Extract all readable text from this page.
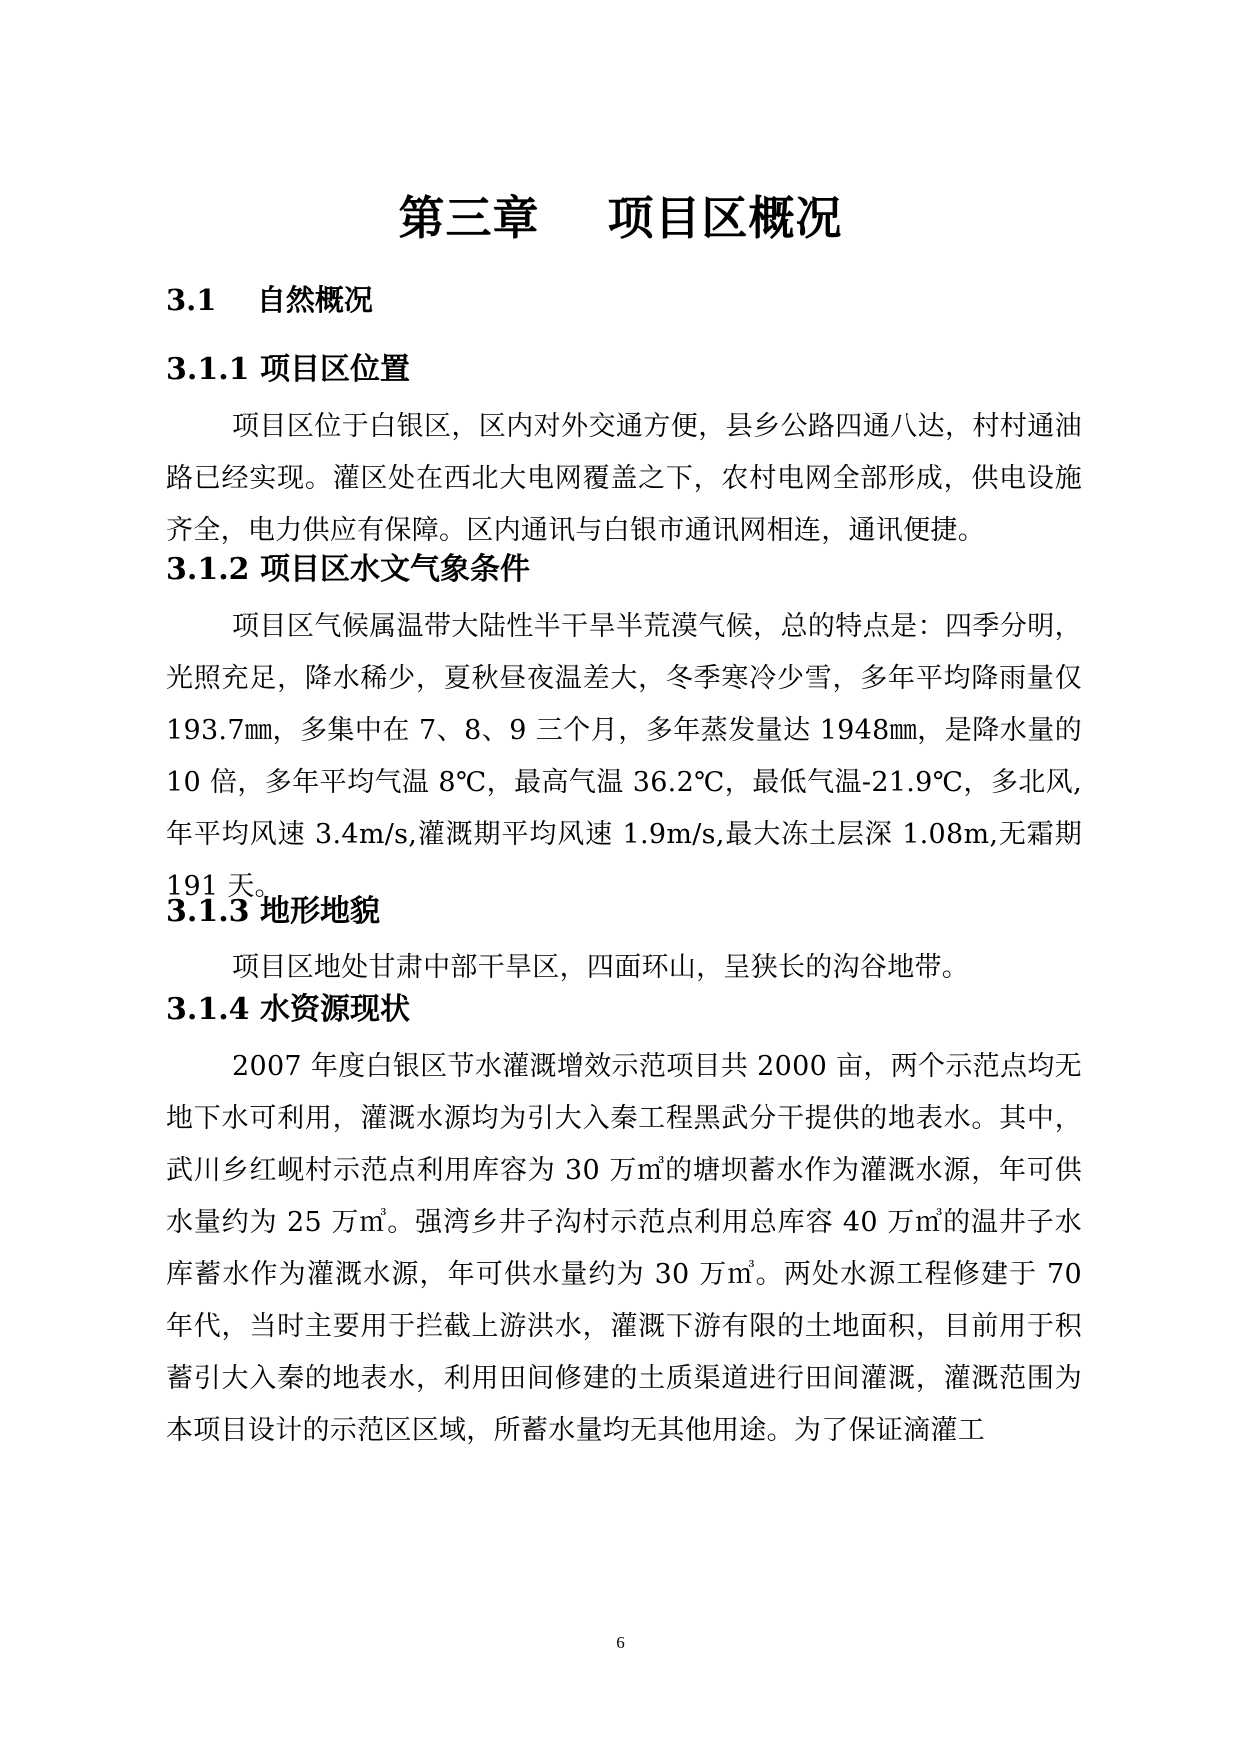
第三章    项目区概况
3.1    自然概况
3.1.1 项目区位置
项目区位于白银区，区内对外交通方便，县乡公路四通八达，村村通油路已经实现。灌区处在西北大电网覆盖之下，农村电网全部形成，供电设施齐全，电力供应有保障。区内通讯与白银市通讯网相连，通讯便捷。
3.1.2 项目区水文气象条件
项目区气候属温带大陆性半干旱半荒漠气候，总的特点是：四季分明，光照充足，降水稀少，夏秋昼夜温差大，冬季寒冷少雪，多年平均降雨量仅 193.7㎜，多集中在 7、8、9 三个月，多年蒸发量达 1948㎜，是降水量的 10 倍，多年平均气温 8℃，最高气温 36.2℃，最低气温-21.9℃，多北风,年平均风速 3.4m/s,灌溉期平均风速 1.9m/s,最大冻土层深 1.08m,无霜期 191 天。
3.1.3 地形地貌
项目区地处甘肃中部干旱区，四面环山，呈狭长的沟谷地带。
3.1.4 水资源现状
2007 年度白银区节水灌溉增效示范项目共 2000 亩，两个示范点均无地下水可利用，灌溉水源均为引大入秦工程黑武分干提供的地表水。其中，武川乡红岘村示范点利用库容为 30 万㎥的塘坝蓄水作为灌溉水源，年可供水量约为 25 万㎥。强湾乡井子沟村示范点利用总库容 40 万㎥的温井子水库蓄水作为灌溉水源，年可供水量约为 30 万㎥。两处水源工程修建于 70 年代，当时主要用于拦截上游洪水，灌溉下游有限的土地面积，目前用于积蓄引大入秦的地表水，利用田间修建的土质渠道进行田间灌溉，灌溉范围为本项目设计的示范区区域，所蓄水量均无其他用途。为了保证滴灌工
6
